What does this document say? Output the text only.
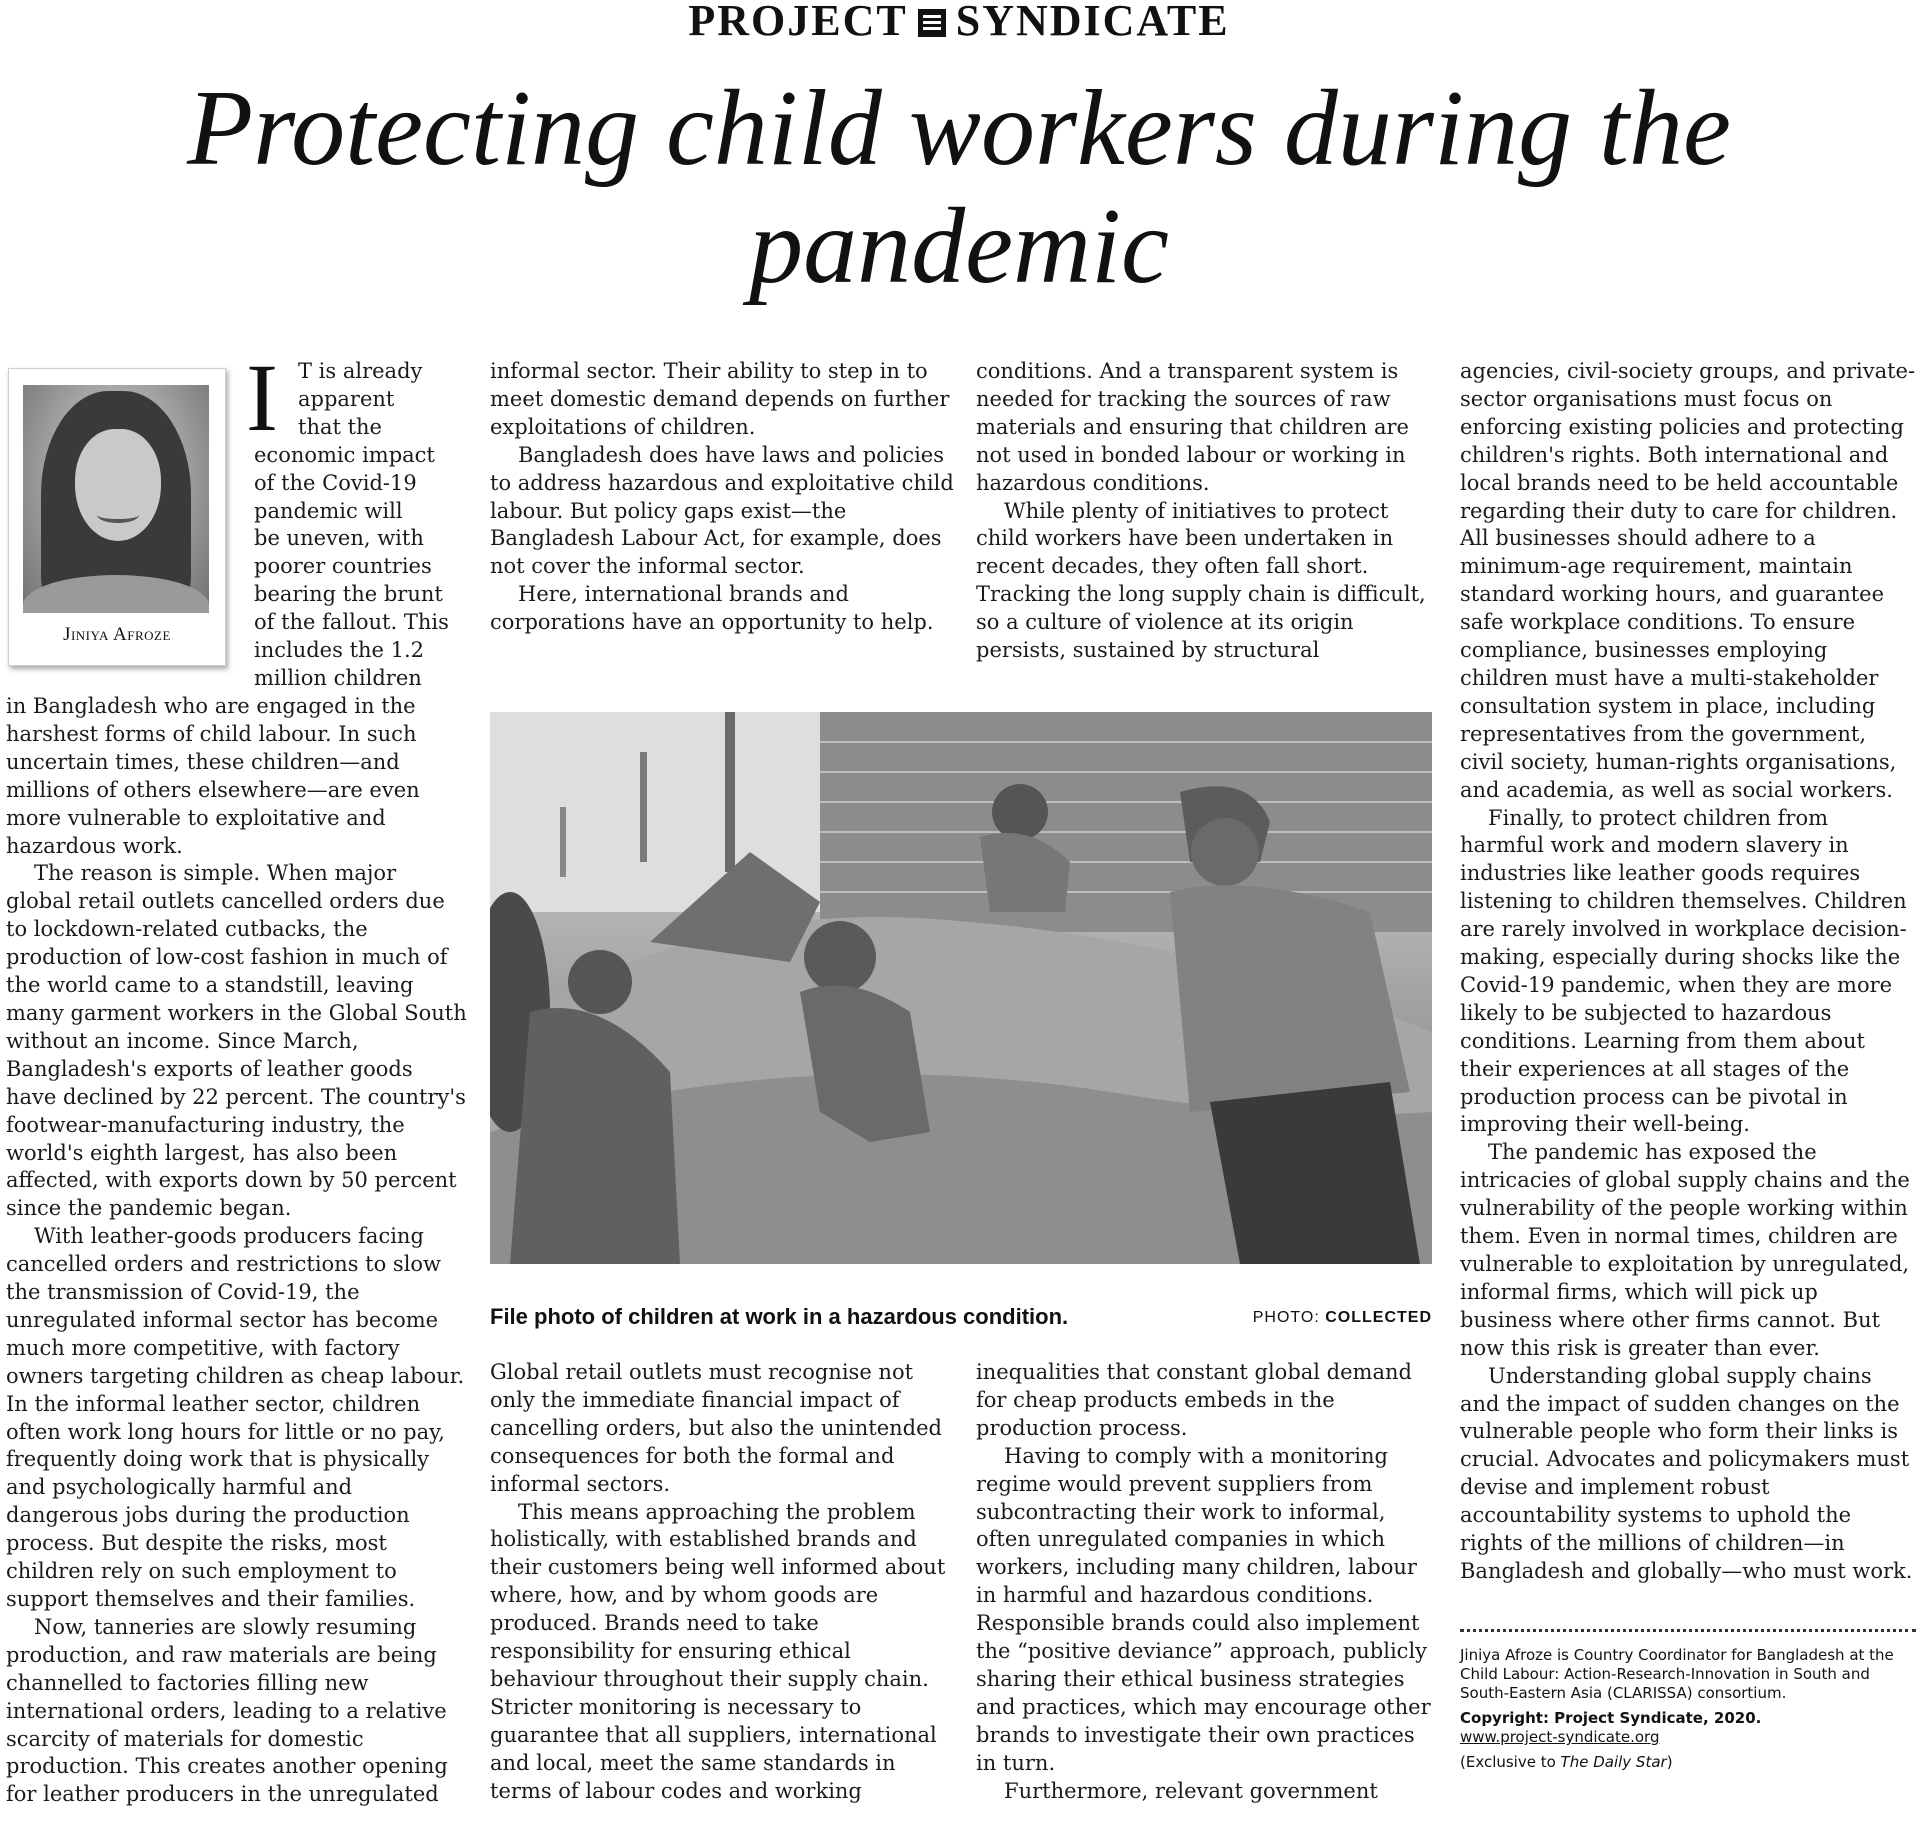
PROJECT SYNDICATE
Protecting child workers during the pandemic
Jiniya Afroze
I T is already
apparent
that the
economic impact
of the Covid-19
pandemic will
be uneven, with
poorer countries
bearing the brunt
of the fallout. This
includes the 1.2
million children

in Bangladesh who are engaged in the harshest forms of child labour. In such uncertain times, these children—and millions of others elsewhere—are even more vulnerable to exploitative and hazardous work.

The reason is simple. When major global retail outlets cancelled orders due to lockdown-related cutbacks, the production of low-cost fashion in much of the world came to a standstill, leaving many garment workers in the Global South without an income. Since March, Bangladesh's exports of leather goods have declined by 22 percent. The country's footwear-manufacturing industry, the world's eighth largest, has also been affected, with exports down by 50 percent since the pandemic began.

With leather-goods producers facing cancelled orders and restrictions to slow the transmission of Covid-19, the unregulated informal sector has become much more competitive, with factory owners targeting children as cheap labour. In the informal leather sector, children often work long hours for little or no pay, frequently doing work that is physically and psychologically harmful and dangerous jobs during the production process. But despite the risks, most children rely on such employment to support themselves and their families.

Now, tanneries are slowly resuming production, and raw materials are being channelled to factories filling new international orders, leading to a relative scarcity of materials for domestic production. This creates another opening for leather producers in the unregulated

informal sector. Their ability to step in to meet domestic demand depends on further exploitations of children.

Bangladesh does have laws and policies to address hazardous and exploitative child labour. But policy gaps exist—the Bangladesh Labour Act, for example, does not cover the informal sector.

Here, international brands and corporations have an opportunity to help.

conditions. And a transparent system is needed for tracking the sources of raw materials and ensuring that children are not used in bonded labour or working in hazardous conditions.

While plenty of initiatives to protect child workers have been undertaken in recent decades, they often fall short. Tracking the long supply chain is difficult, so a culture of violence at its origin persists, sustained by structural

File photo of children at work in a hazardous condition.	PHOTO: COLLECTED

Global retail outlets must recognise not only the immediate financial impact of cancelling orders, but also the unintended consequences for both the formal and informal sectors.

This means approaching the problem holistically, with established brands and their customers being well informed about where, how, and by whom goods are produced. Brands need to take responsibility for ensuring ethical behaviour throughout their supply chain. Stricter monitoring is necessary to guarantee that all suppliers, international and local, meet the same standards in terms of labour codes and working

inequalities that constant global demand for cheap products embeds in the production process.

Having to comply with a monitoring regime would prevent suppliers from subcontracting their work to informal, often unregulated companies in which workers, including many children, labour in harmful and hazardous conditions. Responsible brands could also implement the “positive deviance” approach, publicly sharing their ethical business strategies and practices, which may encourage other brands to investigate their own practices in turn.

Furthermore, relevant government

agencies, civil-society groups, and private-sector organisations must focus on enforcing existing policies and protecting children's rights. Both international and local brands need to be held accountable regarding their duty to care for children. All businesses should adhere to a minimum-age requirement, maintain standard working hours, and guarantee safe workplace conditions. To ensure compliance, businesses employing children must have a multi-stakeholder consultation system in place, including representatives from the government, civil society, human-rights organisations, and academia, as well as social workers.

Finally, to protect children from harmful work and modern slavery in industries like leather goods requires listening to children themselves. Children are rarely involved in workplace decision-making, especially during shocks like the Covid-19 pandemic, when they are more likely to be subjected to hazardous conditions. Learning from them about their experiences at all stages of the production process can be pivotal in improving their well-being.

The pandemic has exposed the intricacies of global supply chains and the vulnerability of the people working within them. Even in normal times, children are vulnerable to exploitation by unregulated, informal firms, which will pick up business where other firms cannot. But now this risk is greater than ever.

Understanding global supply chains and the impact of sudden changes on the vulnerable people who form their links is crucial. Advocates and policymakers must devise and implement robust accountability systems to uphold the rights of the millions of children—in Bangladesh and globally—who must work.

Jiniya Afroze is Country Coordinator for Bangladesh at the Child Labour: Action-Research-Innovation in South and South-Eastern Asia (CLARISSA) consortium.

Copyright: Project Syndicate, 2020.

www.project-syndicate.org

(Exclusive to The Daily Star)
